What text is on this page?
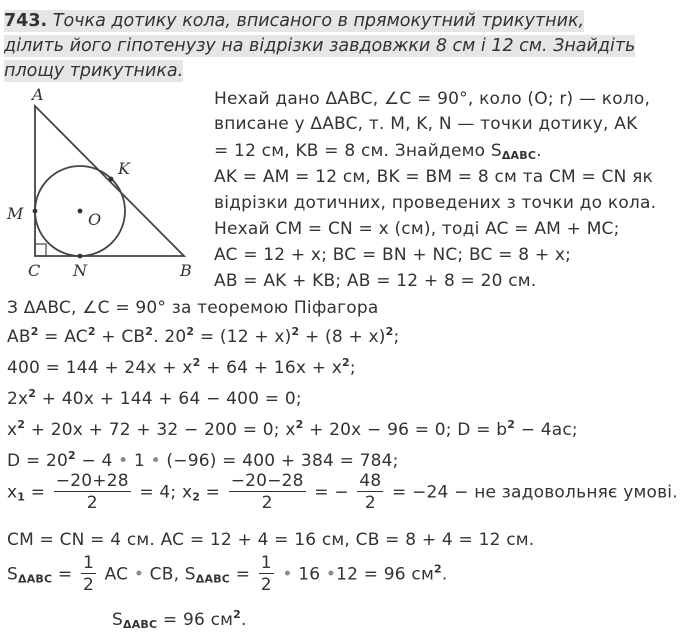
743. Точка дотику кола, вписаного в прямокутний трикутник,
ділить його гіпотенузу на відрізки завдовжки 8 см і 12 см. Знайдіть
площу трикутника.
A
C	B
K
M
N
O
Нехай дано ΔABC, ∠C = 90°, коло (O; r) — коло,
вписане у ΔABC, т. M, K, N — точки дотику, AK
= 12 см, KB = 8 см. Знайдемо $S_{\Delta ABC}$.
AK = AM = 12 см, BK = BM = 8 см та CM = CN як
відрізки дотичних, проведених з точки до кола.
Нехай CM = CN = x (см), тоді AC = AM + MC;
AC = 12 + x; BC = BN + NC; BC = 8 + x;
AB = AK + KB; AB = 12 + 8 = 20 см.
З ΔABC, ∠C = 90° за теоремою Піфагора
$AB^2 = AC^2 + CB^2$. $20^2 = (12 + x)^2 + (8 + x)^2$;
$400 = 144 + 24x + x^2 + 64 + 16x + x^2$;
$2x^2 + 40x + 144 + 64 - 400 = 0$;
$x^2 + 20x + 72 + 32 - 200 = 0$; $x^2 + 20x - 96 = 0$; $D = b^2 - 4ac$;
$D = 20^2 - 4$ • 1 • (−96) = 400 + 384 = 784;
$x_1 = \frac{-20+28}{2} = 4$; $x_2 = \frac{-20-28}{2}$ = − $\frac{48}{2} = -24$ − не задовольняє умові.
CM = CN = 4 см. AC = 12 + 4 = 16 см, CB = 8 + 4 = 12 см.
$S_{\Delta ABC} = \frac{1}{2}$ AC • CB, $S_{\Delta ABC} = \frac{1}{2}$ • 16 •12 = 96 $см^2$.
$S_{\Delta ABC} = 96$ $см^2$.
